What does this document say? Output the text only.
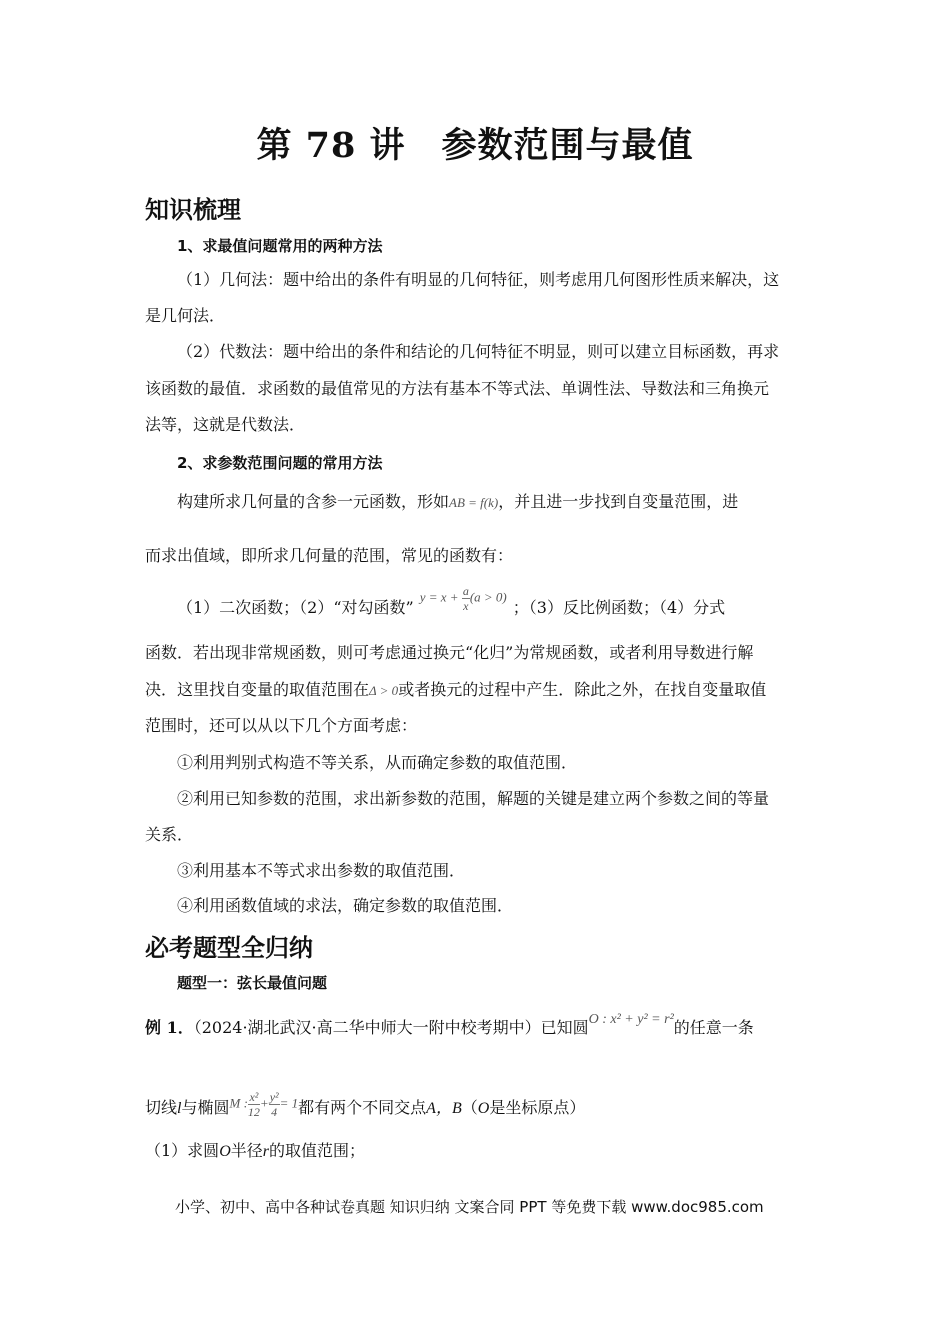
第 78 讲 参数范围与最值
知识梳理
1、求最值问题常用的两种方法
（1）几何法：题中给出的条件有明显的几何特征，则考虑用几何图形性质来解决，这
是几何法．
（2）代数法：题中给出的条件和结论的几何特征不明显，则可以建立目标函数，再求
该函数的最值．求函数的最值常见的方法有基本不等式法、单调性法、导数法和三角换元
法等，这就是代数法．
2、求参数范围问题的常用方法
构建所求几何量的含参一元函数，形如AB = f(k)，并且进一步找到自变量范围，进
而求出值域，即所求几何量的范围，常见的函数有：
（1）二次函数；（2）“对勾函数”y = $x + \frac{a}{x} (a > 0)$；（3）反比例函数；（4）分式
函数．若出现非常规函数，则可考虑通过换元“化归”为常规函数，或者利用导数进行解
决．这里找自变量的取值范围在Δ > 0或者换元的过程中产生．除此之外，在找自变量取值
范围时，还可以从以下几个方面考虑：
①利用判别式构造不等关系，从而确定参数的取值范围．
②利用已知参数的范围，求出新参数的范围，解题的关键是建立两个参数之间的等量
关系．
③利用基本不等式求出参数的取值范围．
④利用函数值域的求法，确定参数的取值范围．
必考题型全归纳
题型一：弦长最值问题
例 1．（2024·湖北武汉·高二华中师大一附中校考期中）已知圆O : x² + y² = r²的任意一条
切线l与椭圆M : $\frac{\text{x²}}{12} + \frac{\text{y²}}{4} = 1$都有两个不同交点A，B（O是坐标原点）
（1）求圆O半径r的取值范围；
小学、初中、高中各种试卷真题 知识归纳 文案合同 PPT 等免费下载 www.doc985.com
